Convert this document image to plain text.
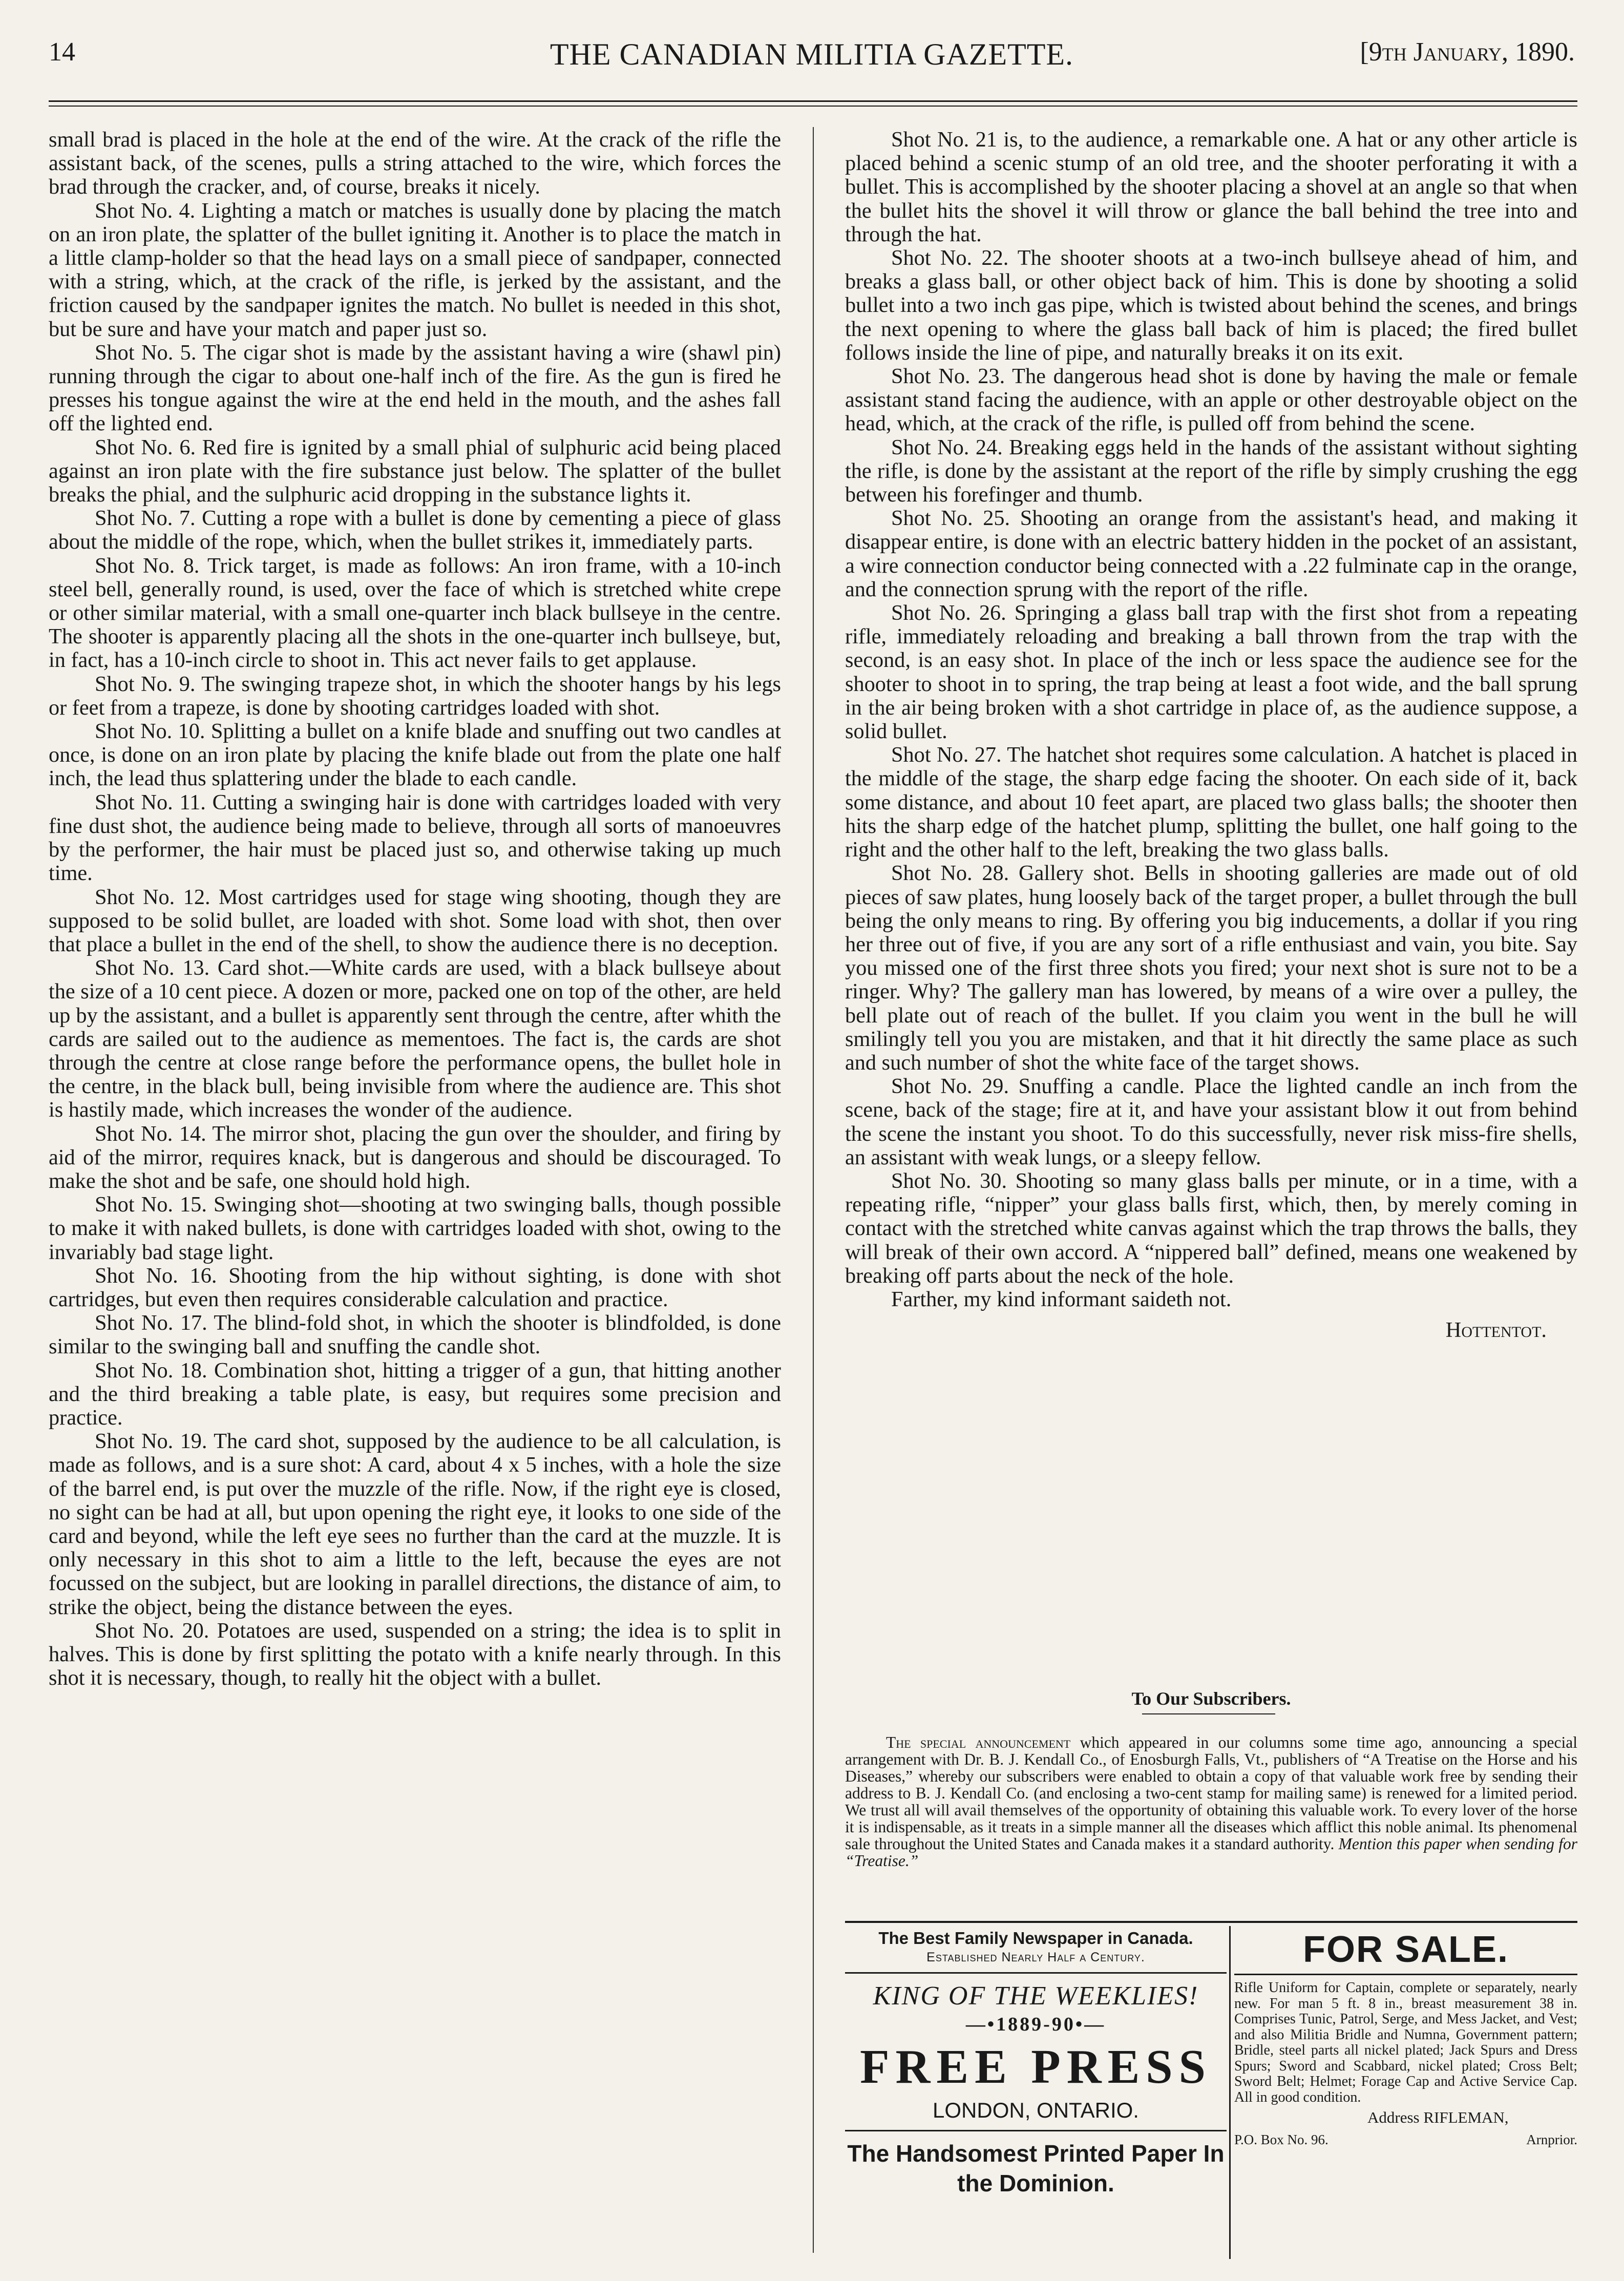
14	THE CANADIAN MILITIA GAZETTE.	[9th January, 1890.

small brad is placed in the hole at the end of the wire. At the crack of the rifle the assistant back, of the scenes, pulls a string attached to the wire, which forces the brad through the cracker, and, of course, breaks it nicely.

Shot No. 4. Lighting a match or matches is usually done by placing the match on an iron plate, the splatter of the bullet igniting it. Another is to place the match in a little clamp-holder so that the head lays on a small piece of sandpaper, connected with a string, which, at the crack of the rifle, is jerked by the assistant, and the friction caused by the sandpaper ignites the match. No bullet is needed in this shot, but be sure and have your match and paper just so.

Shot No. 5. The cigar shot is made by the assistant having a wire (shawl pin) running through the cigar to about one-half inch of the fire. As the gun is fired he presses his tongue against the wire at the end held in the mouth, and the ashes fall off the lighted end.

Shot No. 6. Red fire is ignited by a small phial of sulphuric acid being placed against an iron plate with the fire substance just below. The splatter of the bullet breaks the phial, and the sulphuric acid dropping in the substance lights it.

Shot No. 7. Cutting a rope with a bullet is done by cementing a piece of glass about the middle of the rope, which, when the bullet strikes it, immediately parts.

Shot No. 8. Trick target, is made as follows: An iron frame, with a 10-inch steel bell, generally round, is used, over the face of which is stretched white crepe or other similar material, with a small one-quarter inch black bullseye in the centre. The shooter is apparently placing all the shots in the one-quarter inch bullseye, but, in fact, has a 10-inch circle to shoot in. This act never fails to get applause.

Shot No. 9. The swinging trapeze shot, in which the shooter hangs by his legs or feet from a trapeze, is done by shooting cartridges loaded with shot.

Shot No. 10. Splitting a bullet on a knife blade and snuffing out two candles at once, is done on an iron plate by placing the knife blade out from the plate one half inch, the lead thus splattering under the blade to each candle.

Shot No. 11. Cutting a swinging hair is done with cartridges loaded with very fine dust shot, the audience being made to believe, through all sorts of manoeuvres by the performer, the hair must be placed just so, and otherwise taking up much time.

Shot No. 12. Most cartridges used for stage wing shooting, though they are supposed to be solid bullet, are loaded with shot. Some load with shot, then over that place a bullet in the end of the shell, to show the audience there is no deception.

Shot No. 13. Card shot.—White cards are used, with a black bullseye about the size of a 10 cent piece. A dozen or more, packed one on top of the other, are held up by the assistant, and a bullet is apparently sent through the centre, after whith the cards are sailed out to the audience as mementoes. The fact is, the cards are shot through the centre at close range before the performance opens, the bullet hole in the centre, in the black bull, being invisible from where the audience are. This shot is hastily made, which increases the wonder of the audience.

Shot No. 14. The mirror shot, placing the gun over the shoulder, and firing by aid of the mirror, requires knack, but is dangerous and should be discouraged. To make the shot and be safe, one should hold high.

Shot No. 15. Swinging shot—shooting at two swinging balls, though possible to make it with naked bullets, is done with cartridges loaded with shot, owing to the invariably bad stage light.

Shot No. 16. Shooting from the hip without sighting, is done with shot cartridges, but even then requires considerable calculation and practice.

Shot No. 17. The blind-fold shot, in which the shooter is blindfolded, is done similar to the swinging ball and snuffing the candle shot.

Shot No. 18. Combination shot, hitting a trigger of a gun, that hitting another and the third breaking a table plate, is easy, but requires some precision and practice.

Shot No. 19. The card shot, supposed by the audience to be all calculation, is made as follows, and is a sure shot: A card, about 4 x 5 inches, with a hole the size of the barrel end, is put over the muzzle of the rifle. Now, if the right eye is closed, no sight can be had at all, but upon opening the right eye, it looks to one side of the card and beyond, while the left eye sees no further than the card at the muzzle. It is only necessary in this shot to aim a little to the left, because the eyes are not focussed on the subject, but are looking in parallel directions, the distance of aim, to strike the object, being the distance between the eyes.

Shot No. 20. Potatoes are used, suspended on a string; the idea is to split in halves. This is done by first splitting the potato with a knife nearly through. In this shot it is necessary, though, to really hit the object with a bullet.

Shot No. 21 is, to the audience, a remarkable one. A hat or any other article is placed behind a scenic stump of an old tree, and the shooter perforating it with a bullet. This is accomplished by the shooter placing a shovel at an angle so that when the bullet hits the shovel it will throw or glance the ball behind the tree into and through the hat.

Shot No. 22. The shooter shoots at a two-inch bullseye ahead of him, and breaks a glass ball, or other object back of him. This is done by shooting a solid bullet into a two inch gas pipe, which is twisted about behind the scenes, and brings the next opening to where the glass ball back of him is placed; the fired bullet follows inside the line of pipe, and naturally breaks it on its exit.

Shot No. 23. The dangerous head shot is done by having the male or female assistant stand facing the audience, with an apple or other destroyable object on the head, which, at the crack of the rifle, is pulled off from behind the scene.

Shot No. 24. Breaking eggs held in the hands of the assistant without sighting the rifle, is done by the assistant at the report of the rifle by simply crushing the egg between his forefinger and thumb.

Shot No. 25. Shooting an orange from the assistant's head, and making it disappear entire, is done with an electric battery hidden in the pocket of an assistant, a wire connection conductor being connected with a .22 fulminate cap in the orange, and the connection sprung with the report of the rifle.

Shot No. 26. Springing a glass ball trap with the first shot from a repeating rifle, immediately reloading and breaking a ball thrown from the trap with the second, is an easy shot. In place of the inch or less space the audience see for the shooter to shoot in to spring, the trap being at least a foot wide, and the ball sprung in the air being broken with a shot cartridge in place of, as the audience suppose, a solid bullet.

Shot No. 27. The hatchet shot requires some calculation. A hatchet is placed in the middle of the stage, the sharp edge facing the shooter. On each side of it, back some distance, and about 10 feet apart, are placed two glass balls; the shooter then hits the sharp edge of the hatchet plump, splitting the bullet, one half going to the right and the other half to the left, breaking the two glass balls.

Shot No. 28. Gallery shot. Bells in shooting galleries are made out of old pieces of saw plates, hung loosely back of the target proper, a bullet through the bull being the only means to ring. By offering you big inducements, a dollar if you ring her three out of five, if you are any sort of a rifle enthusiast and vain, you bite. Say you missed one of the first three shots you fired; your next shot is sure not to be a ringer. Why? The gallery man has lowered, by means of a wire over a pulley, the bell plate out of reach of the bullet. If you claim you went in the bull he will smilingly tell you you are mistaken, and that it hit directly the same place as such and such number of shot the white face of the target shows.

Shot No. 29. Snuffing a candle. Place the lighted candle an inch from the scene, back of the stage; fire at it, and have your assistant blow it out from behind the scene the instant you shoot. To do this successfully, never risk miss-fire shells, an assistant with weak lungs, or a sleepy fellow.

Shot No. 30. Shooting so many glass balls per minute, or in a time, with a repeating rifle, “nipper” your glass balls first, which, then, by merely coming in contact with the stretched white canvas against which the trap throws the balls, they will break of their own accord. A “nippered ball” defined, means one weakened by breaking off parts about the neck of the hole.

Farther, my kind informant saideth not.

Hottentot.

To Our Subscribers.

The special announcement which appeared in our columns some time ago, announcing a special arrangement with Dr. B. J. Kendall Co., of Enosburgh Falls, Vt., publishers of “A Treatise on the Horse and his Diseases,” whereby our subscribers were enabled to obtain a copy of that valuable work free by sending their address to B. J. Kendall Co. (and enclosing a two-cent stamp for mailing same) is renewed for a limited period. We trust all will avail themselves of the opportunity of obtaining this valuable work. To every lover of the horse it is indispensable, as it treats in a simple manner all the diseases which afflict this noble animal. Its phenomenal sale throughout the United States and Canada makes it a standard authority. Mention this paper when sending for “Treatise.”

The Best Family Newspaper in Canada.
Established Nearly Half a Century.
KING OF THE WEEKLIES!
—•1889-90•—
FREE PRESS
LONDON, ONTARIO.
The Handsomest Printed Paper In the Dominion.
FOR SALE.
Rifle Uniform for Captain, complete or separately, nearly new. For man 5 ft. 8 in., breast measurement 38 in. Comprises Tunic, Patrol, Serge, and Mess Jacket, and Vest; and also Militia Bridle and Numna, Government pattern; Bridle, steel parts all nickel plated; Jack Spurs and Dress Spurs; Sword and Scabbard, nickel plated; Cross Belt; Sword Belt; Helmet; Forage Cap and Active Service Cap. All in good condition.
Address RIFLEMAN,
P.O. Box No. 96.	Arnprior.
